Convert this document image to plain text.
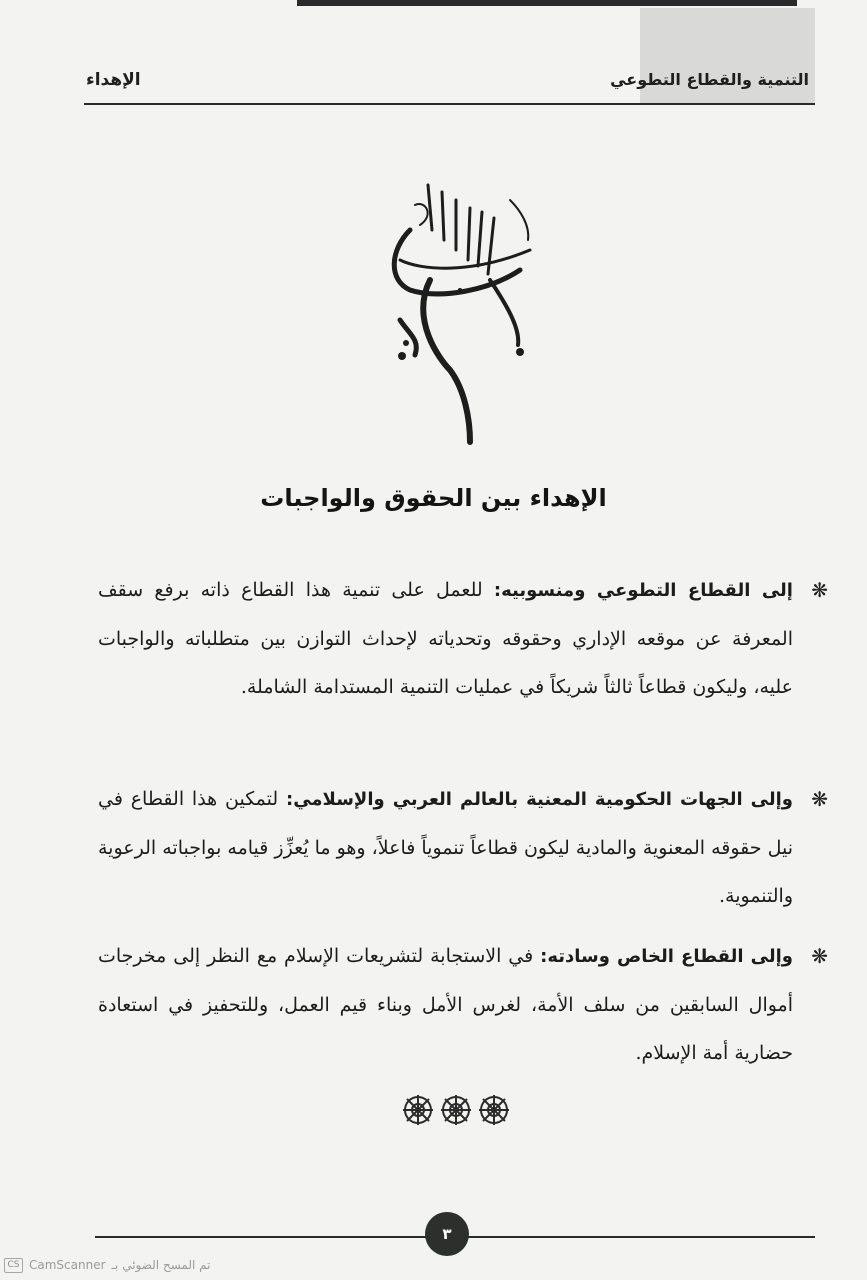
التنمية والقطاع التطوعي
الإهداء
الإهداء بين الحقوق والواجبات
❋
إلى القطاع التطوعي ومنسوبيه: للعمل على تنمية هذا القطاع ذاته برفع سقف المعرفة عن موقعه الإداري وحقوقه وتحدياته لإحداث التوازن بين متطلباته والواجبات عليه، وليكون قطاعاً ثالثاً شريكاً في عمليات التنمية المستدامة الشاملة.
❋
وإلى الجهات الحكومية المعنية بالعالم العربي والإسلامي: لتمكين هذا القطاع في نيل حقوقه المعنوية والمادية ليكون قطاعاً تنموياً فاعلاً، وهو ما يُعزِّز قيامه بواجباته الرعوية والتنموية.
❋
وإلى القطاع الخاص وسادته: في الاستجابة لتشريعات الإسلام مع النظر إلى مخرجات أموال السابقين من سلف الأمة، لغرس الأمل وبناء قيم العمل، وللتحفيز في استعادة حضارية أمة الإسلام.
٣
CS CamScanner تم المسح الضوئي بـ
